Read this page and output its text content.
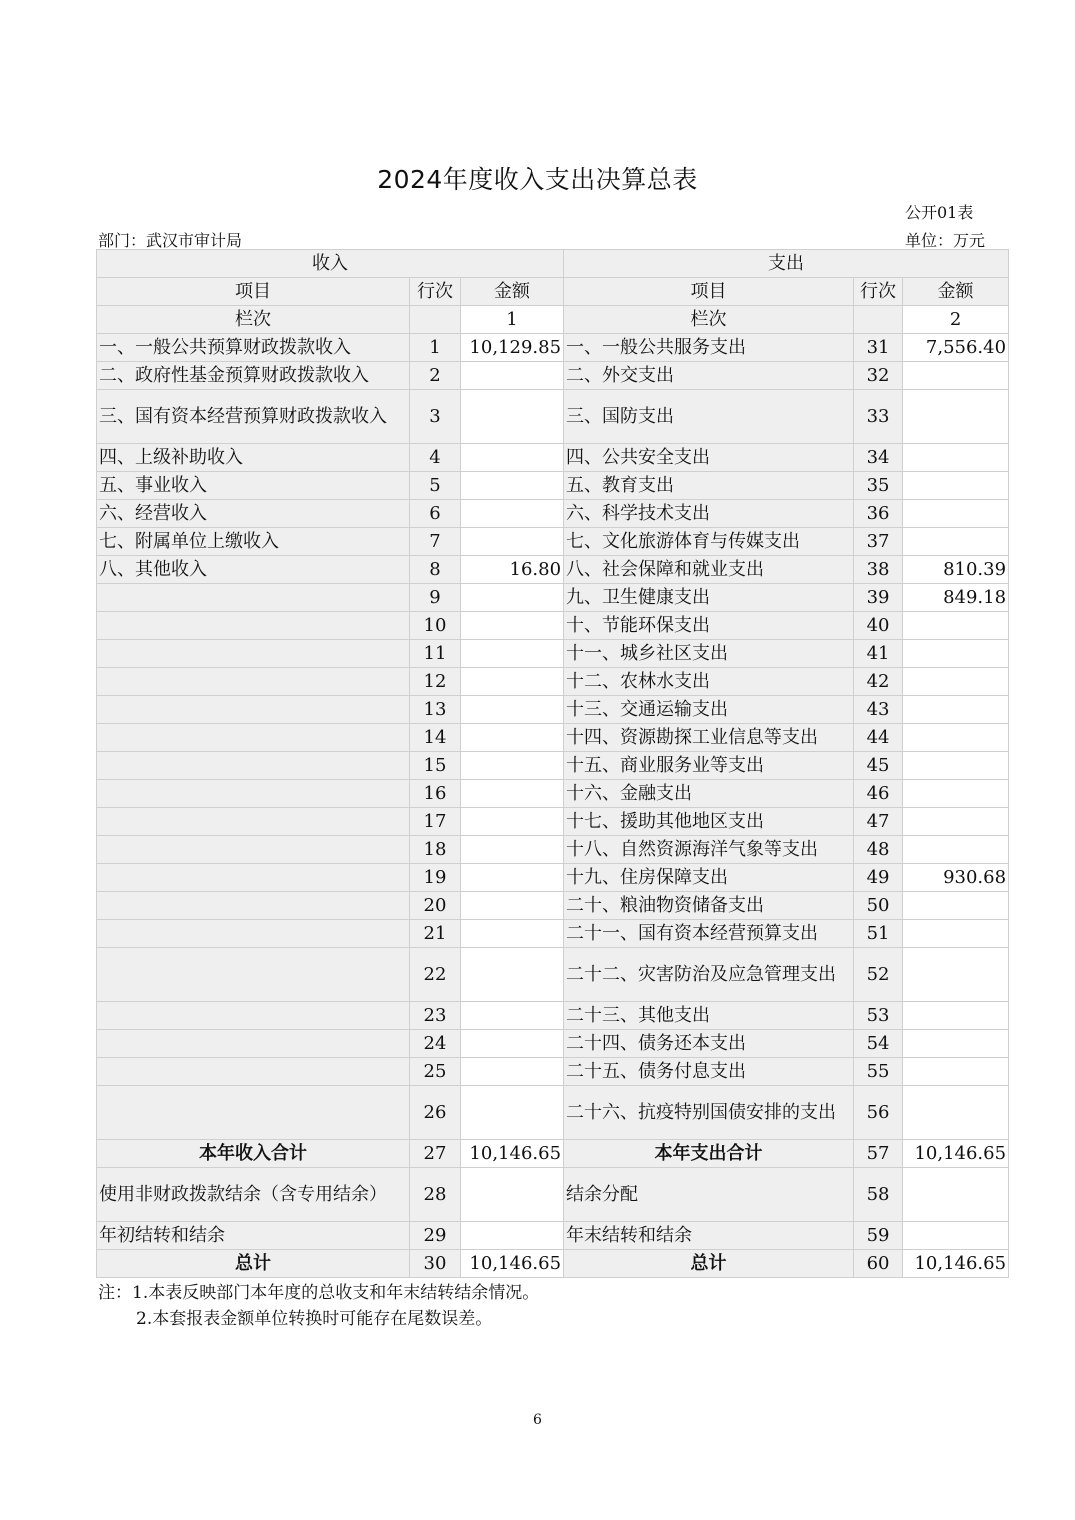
2024年度收入支出决算总表
公开01表
部门：武汉市审计局	单位：万元
收入			支出		
项目	行次	金额	项目	行次	金额
栏次		1	栏次		2
一、一般公共预算财政拨款收入	1	10,129.85	一、一般公共服务支出	31	7,556.40
二、政府性基金预算财政拨款收入	2		二、外交支出	32	
三、国有资本经营预算财政拨款收入	3		三、国防支出	33	
四、上级补助收入	4		四、公共安全支出	34	
五、事业收入	5		五、教育支出	35	
六、经营收入	6		六、科学技术支出	36	
七、附属单位上缴收入	7		七、文化旅游体育与传媒支出	37	
八、其他收入	8	16.80	八、社会保障和就业支出	38	810.39
	9		九、卫生健康支出	39	849.18
	10		十、节能环保支出	40	
	11		十一、城乡社区支出	41	
	12		十二、农林水支出	42	
	13		十三、交通运输支出	43	
	14		十四、资源勘探工业信息等支出	44	
	15		十五、商业服务业等支出	45	
	16		十六、金融支出	46	
	17		十七、援助其他地区支出	47	
	18		十八、自然资源海洋气象等支出	48	
	19		十九、住房保障支出	49	930.68
	20		二十、粮油物资储备支出	50	
	21		二十一、国有资本经营预算支出	51	
	22		二十二、灾害防治及应急管理支出	52	
	23		二十三、其他支出	53	
	24		二十四、债务还本支出	54	
	25		二十五、债务付息支出	55	
	26		二十六、抗疫特别国债安排的支出	56	
本年收入合计	27	10,146.65	本年支出合计	57	10,146.65
使用非财政拨款结余（含专用结余）	28		结余分配	58	
年初结转和结余	29		年末结转和结余	59	
总计	30	10,146.65	总计	60	10,146.65
注：1.本表反映部门本年度的总收支和年末结转结余情况。
2.本套报表金额单位转换时可能存在尾数误差。
6
